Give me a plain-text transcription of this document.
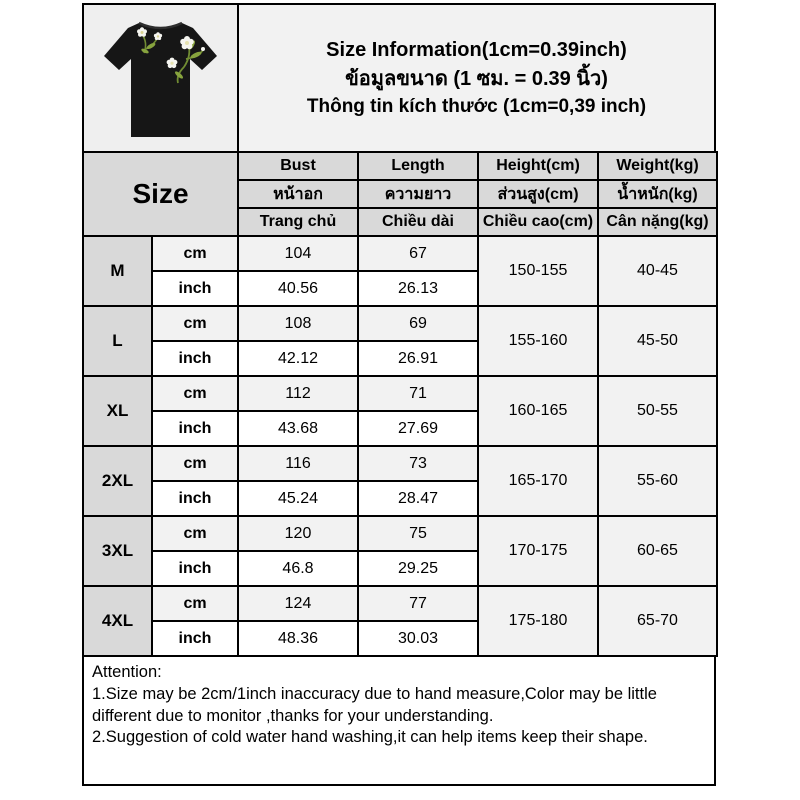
Size Information(1cm=0.39inch)
ข้อมูลขนาด (1 ซม. = 0.39 นิ้ว)
Thông tin kích thước (1cm=0,39 inch)
Size		Bust	Length	Height(cm)	Weight(kg)
		หน้าอก	ความยาว	ส่วนสูง(cm)	น้ำหนัก(kg)
		Trang chủ	Chiều dài	Chiều cao(cm)	Cân nặng(kg)
M	cm	104	67	150-155	40-45
	inch	40.56	26.13		
L	cm	108	69	155-160	45-50
	inch	42.12	26.91		
XL	cm	112	71	160-165	50-55
	inch	43.68	27.69		
2XL	cm	116	73	165-170	55-60
	inch	45.24	28.47		
3XL	cm	120	75	170-175	60-65
	inch	46.8	29.25		
4XL	cm	124	77	175-180	65-70
	inch	48.36	30.03		

Attention:

1.Size may be 2cm/1inch inaccuracy due to hand measure,Color may be little different due to monitor ,thanks for your understanding.

2.Suggestion of cold water hand washing,it can help items keep their shape.
